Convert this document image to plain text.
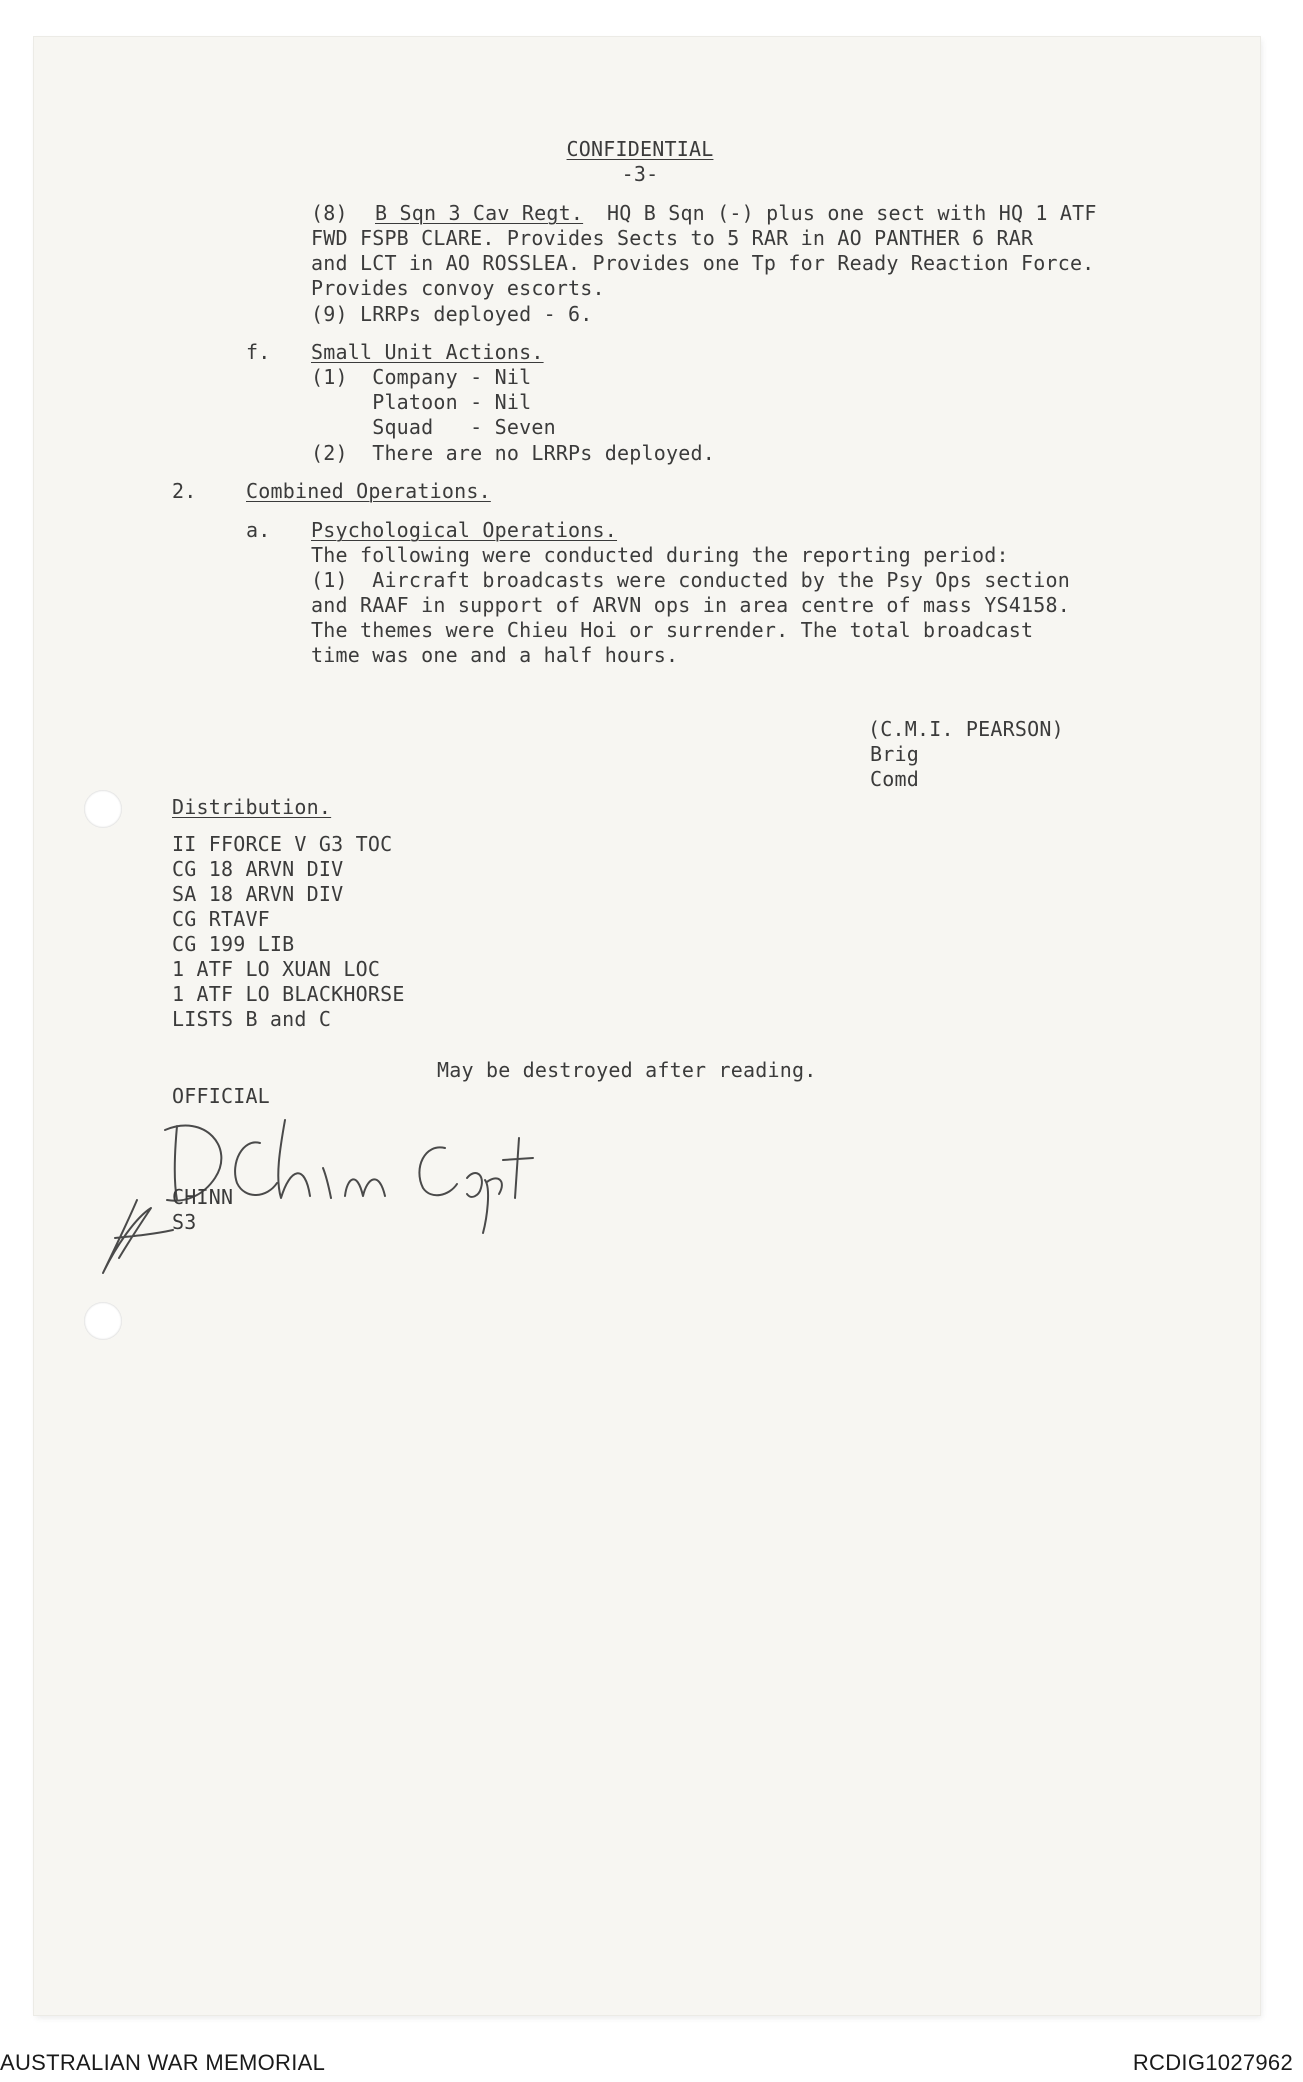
CONFIDENTIAL
-3-
(8) B Sqn 3 Cav Regt. HQ B Sqn (-) plus one sect with HQ 1 ATF
FWD FSPB CLARE. Provides Sects to 5 RAR in AO PANTHER 6 RAR
and LCT in AO ROSSLEA. Provides one Tp for Ready Reaction Force.
Provides convoy escorts.
(9) LRRPs deployed - 6.
f. Small Unit Actions.
(1)  Company - Nil
Platoon - Nil
Squad   - Seven
(2)  There are no LRRPs deployed.
2. Combined Operations.
a. Psychological Operations.
The following were conducted during the reporting period:
(1)  Aircraft broadcasts were conducted by the Psy Ops section
and RAAF in support of ARVN ops in area centre of mass YS4158.
The themes were Chieu Hoi or surrender. The total broadcast
time was one and a half hours.
(C.M.I. PEARSON)
Brig
Comd
Distribution.
II FFORCE V G3 TOC
CG 18 ARVN DIV
SA 18 ARVN DIV
CG RTAVF
CG 199 LIB
1 ATF LO XUAN LOC
1 ATF LO BLACKHORSE
LISTS B and C
May be destroyed after reading.
OFFICIAL
CHINN
S3
AUSTRALIAN WAR MEMORIAL	RCDIG1027962
